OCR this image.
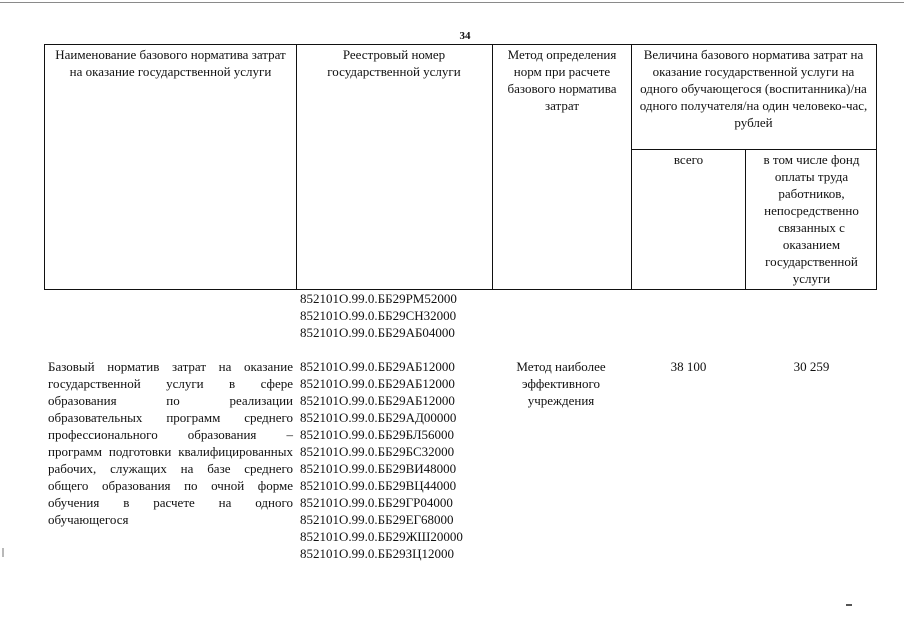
34
Наименование базового норматива затрат на оказание государственной услуги
Реестровый номер государственной услуги
Метод определения норм при расчете базового норматива затрат
Величина базового норматива затрат на оказание государственной услуги на одного обучающегося (воспитанника)/на одного получателя/на один человеко-час, рублей
всего	в том числе фонд оплаты труда работников, непосредственно связанных с оказанием государственной услуги
852101О.99.0.ББ29РМ52000
852101О.99.0.ББ29СН32000
852101О.99.0.ББ29АБ04000
Базовый норматив затрат на оказание государственной услуги в сфере образования по реализации образовательных программ среднего профессионального образования – программ подготовки квалифицированных рабочих, служащих на базе среднего общего образования по очной форме обучения в расчете на одного обучающегося
852101О.99.0.ББ29АБ12000
852101О.99.0.ББ29АБ12000
852101О.99.0.ББ29АБ12000
852101О.99.0.ББ29АД00000
852101О.99.0.ББ29БЛ56000
852101О.99.0.ББ29БС32000
852101О.99.0.ББ29ВИ48000
852101О.99.0.ББ29ВЦ44000
852101О.99.0.ББ29ГР04000
852101О.99.0.ББ29ЕГ68000
852101О.99.0.ББ29ЖШ20000
852101О.99.0.ББ29ЗЦ12000
Метод наиболее эффективного учреждения
38 100	30 259
